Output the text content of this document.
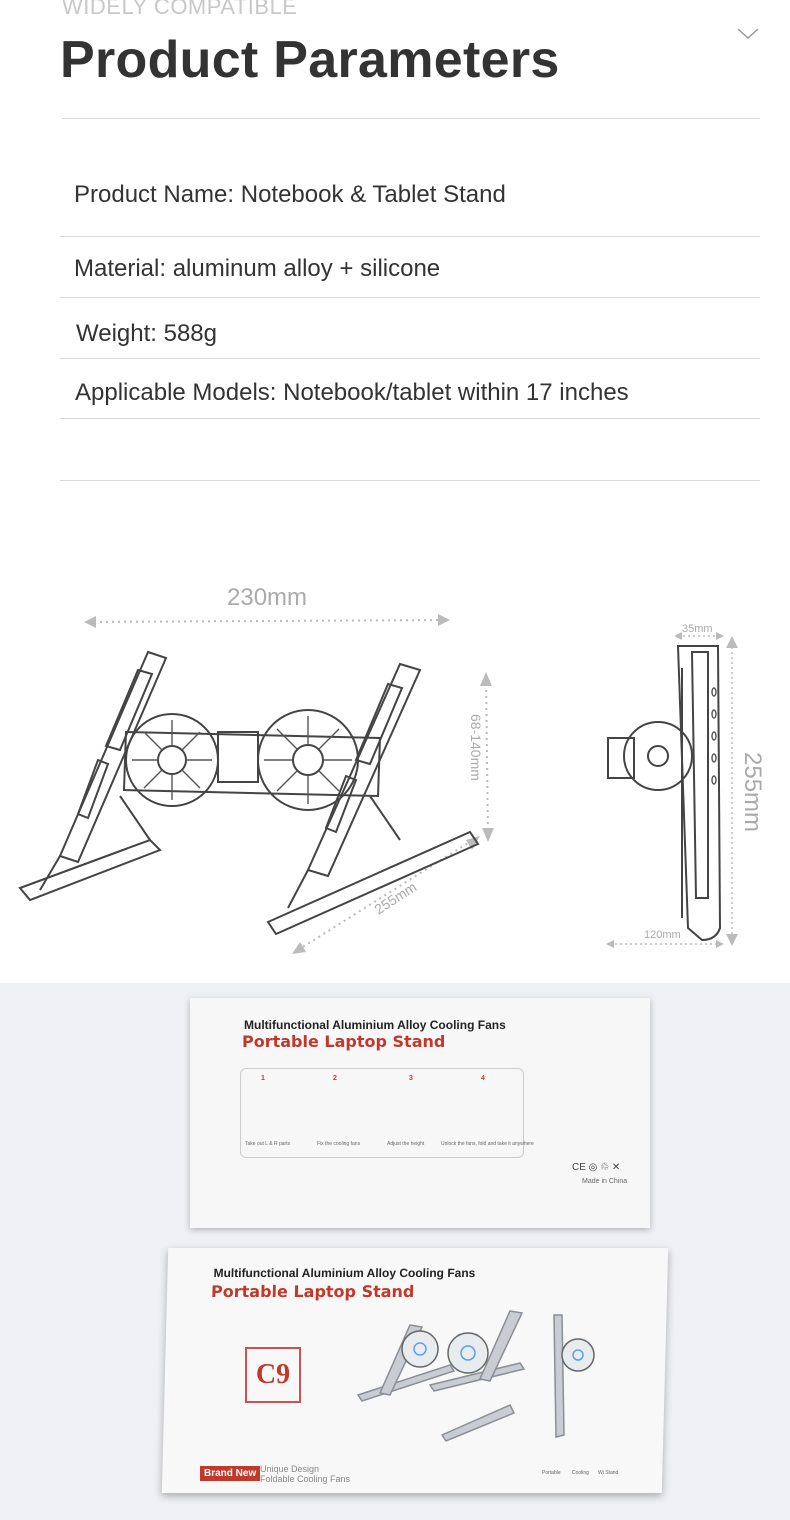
WIDELY COMPATIBLE
Product Parameters
Product Name: Notebook & Tablet Stand
Material: aluminum alloy + silicone
Weight: 588g
Applicable Models: Notebook/tablet within 17 inches
230mm
68-140mm
255mm
35mm
255mm
120mm
Multifunctional Aluminium Alloy Cooling Fans
Portable Laptop Stand
1	2	3	4
Take out L & R parts	Fix the cooling fans	Adjust the height	Unlock the fans, fold and take it anywhere
CE ◎ ♲ ✕
Made in China
Multifunctional Aluminium Alloy Cooling Fans
Portable Laptop Stand
C9
Brand New Unique Design
Foldable Cooling Fans
Portable Cooling Wi Stand
